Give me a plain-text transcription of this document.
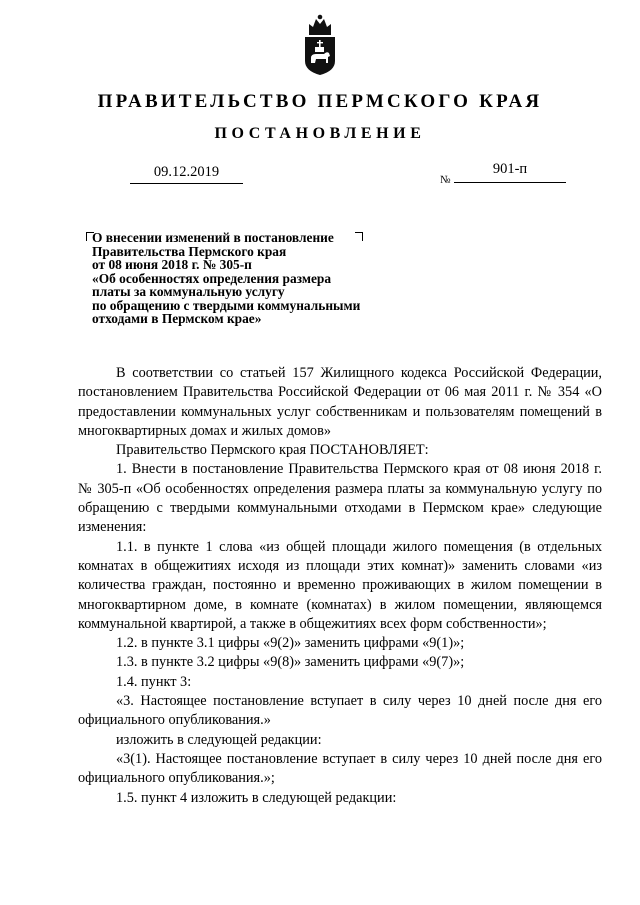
ПРАВИТЕЛЬСТВО ПЕРМСКОГО КРАЯ
ПОСТАНОВЛЕНИЕ
09.12.2019	№
901-п
О внесении изменений в постановление
Правительства Пермского края
от 08 июня 2018 г. № 305-п
«Об особенностях определения размера
платы за коммунальную услугу
по обращению с твердыми коммунальными
отходами в Пермском крае»

В соответствии со статьей 157 Жилищного кодекса Российской Федерации, постановлением Правительства Российской Федерации от 06 мая 2011 г. № 354 «О предоставлении коммунальных услуг собственникам и пользователям помещений в многоквартирных домах и жилых домов»

Правительство Пермского края ПОСТАНОВЛЯЕТ:

1. Внести в постановление Правительства Пермского края от 08 июня 2018 г. № 305-п «Об особенностях определения размера платы за коммунальную услугу по обращению с твердыми коммунальными отходами в Пермском крае» следующие изменения:

1.1. в пункте 1 слова «из общей площади жилого помещения (в отдельных комнатах в общежитиях исходя из площади этих комнат)» заменить словами «из количества граждан, постоянно и временно проживающих в жилом помещении в многоквартирном доме, в комнате (комнатах) в жилом помещении, являющемся коммунальной квартирой, а также в общежитиях всех форм собственности»;

1.2. в пункте 3.1 цифры «9(2)» заменить цифрами «9(1)»;

1.3. в пункте 3.2 цифры «9(8)» заменить цифрами «9(7)»;

1.4. пункт 3:

«3. Настоящее постановление вступает в силу через 10 дней после дня его официального опубликования.»

изложить в следующей редакции:

«3(1). Настоящее постановление вступает в силу через 10 дней после дня его официального опубликования.»;

1.5. пункт 4 изложить в следующей редакции:
